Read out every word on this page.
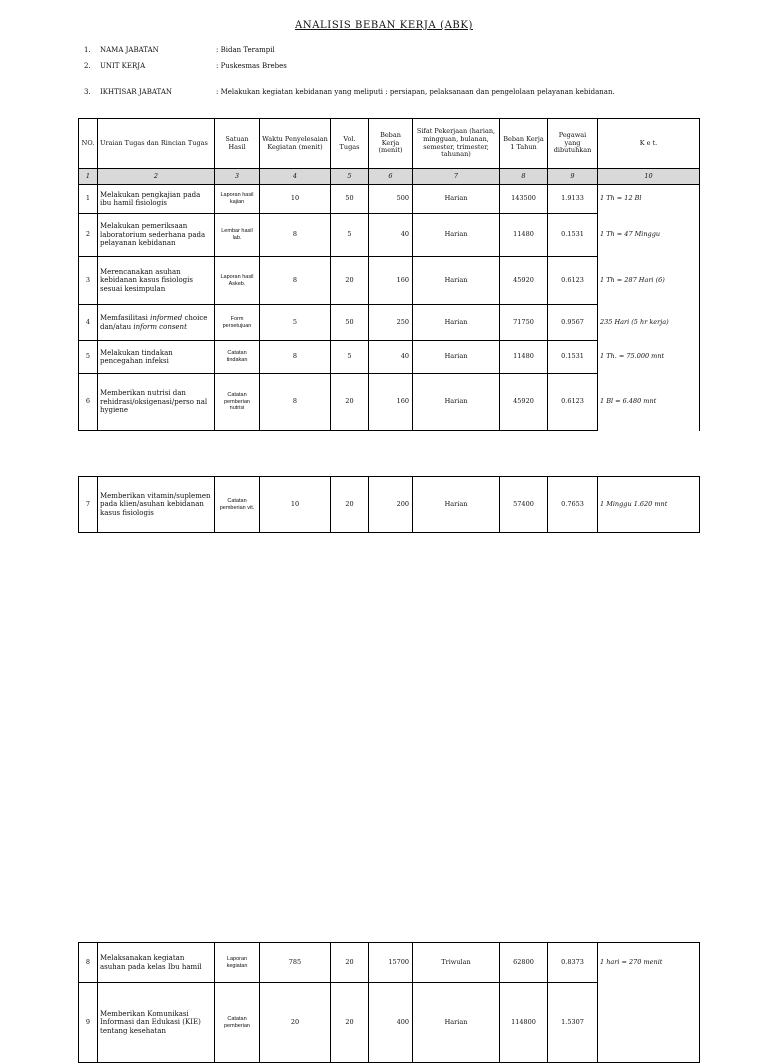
ANALISIS BEBAN KERJA (ABK)
1.	NAMA JABATAN	: Bidan Terampil
2.	UNIT KERJA	: Puskesmas Brebes
3.	IKHTISAR JABATAN	: Melakukan kegiatan kebidanan yang meliputi : persiapan, pelaksanaan dan pengelolaan pelayanan kebidanan.
NO.	Uraian Tugas dan Rincian Tugas	Satuan Hasil	Waktu Penyelesaian Kegiatan (menit)	Vol. Tugas	Beban Kerja (menit)	Sifat Pekerjaan (harian, mingguan, bulanan, semester, trimester, tahunan)	Beban Kerja 1 Tahun	Pegawai yang dibutuhkan	K e t.
1	2	3	4	5	6	7	8	9	10
1	Melakukan pengkajian pada ibu hamil fisiologis	Laporan hasil kajian	10	50	500	Harian	143500	1.9133	1 Th = 12 Bl
2	Melakukan pemeriksaan laboratorium sederhana pada pelayanan kebidanan	Lembar hasil lab.	8	5	40	Harian	11480	0.1531	1 Th = 47 Minggu
3	Merencanakan asuhan kebidanan kasus fisiologis sesuai kesimpulan	Laporan hasil Askeb.	8	20	160	Harian	45920	0.6123	1 Th = 287 Hari (6)
4	Memfasilitasi informed choice dan/atau inform consent	Form persetujuan	5	50	250	Harian	71750	0.9567	235 Hari (5 hr kerja)
5	Melakukan tindakan pencegahan infeksi	Catatan tindakan	8	5	40	Harian	11480	0.1531	1 Th. = 75.000 mnt
6	Memberikan nutrisi dan rehidrasi/oksigenasi/perso nal hygiene	Catatan pemberian nutrisi	8	20	160	Harian	45920	0.6123	1 Bl = 6.480 mnt
7	Memberikan vitamin/suplemen pada klien/asuhan kebidanan kasus fisiologis	Catatan pemberian vit.	10	20	200	Harian	57400	0.7653	1 Minggu 1.620 mnt
8	Melaksanakan kegiatan asuhan pada kelas Ibu hamil	Laporan kegiatan	785	20	15700	Triwulan	62800	0.8373	1 hari = 270 menit
9	Memberikan Komunikasi Informasi dan Edukasi (KIE) tentang kesehatan	Catatan pemberian	20	20	400	Harian	114800	1.5307	
